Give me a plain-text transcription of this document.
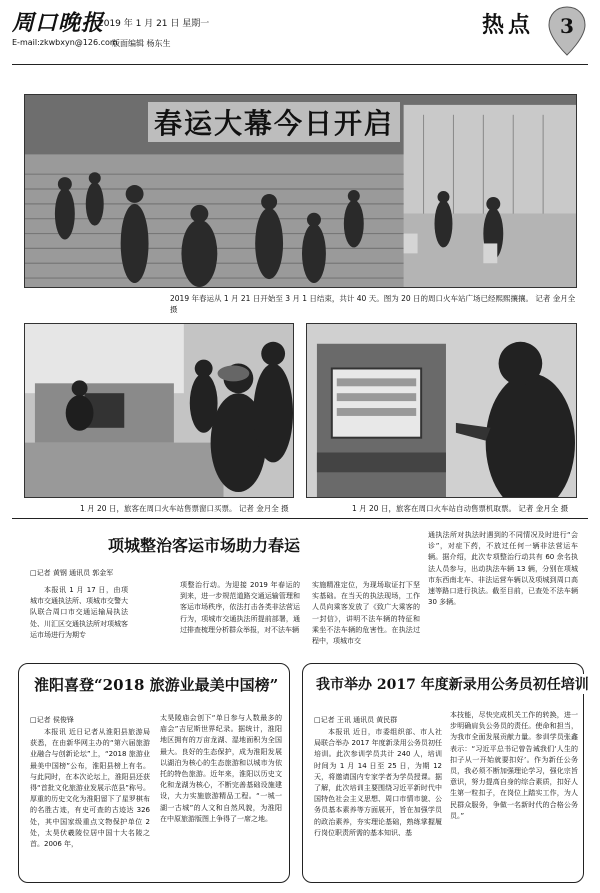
周口晚报
2019 年 1 月 21 日 星期一
E-mail:zkwbxyn@126.com
版面编辑 杨东生
热点 3
春运大幕今日开启
2019 年春运从 1 月 21 日开始至 3 月 1 日结束，共计 40 天。图为 20 日的周口火车站广场已经熙熙攘攘。 记者 金月全 摄
1 月 20 日，旅客在周口火车站售票窗口买票。 记者 金月全 摄	1 月 20 日，旅客在周口火车站自动售票机取票。 记者 金月全 摄
项城整治客运市场助力春运
□记者 黄钢 通讯员 郭金军
本报讯 1 月 17 日，由项城市交通执法所、项城市交警大队联合周口市交通运输局执法处、川汇区交通执法所对项城客运市场进行为期专
项整治行动。为迎接 2019 年春运的到来，进一步规范道路交通运输管理和客运市场秩序，依法打击各类非法营运行为，项城市交通执法所提前部署，通过排查梳理分析群众举报，对不法车辆
实施精准定位，为现场取证打下坚实基础。在当天的执法现场，工作人员向乘客发放了《致广大乘客的一封信》，讲明不法车辆的特征和乘坐不法车辆的危害性。在执法过程中，项城市交
通执法所对执法时遇到的不同情况及时进行“会诊”，对症下药，不放过任何一辆非法营运车辆。据介绍，此次专项整治行动共有 60 余名执法人员参与，出动执法车辆 13 辆，分别在项城市东西南北车、非法运营车辆以及项城到周口高速等路口进行执法。截至目前，已查处不法车辆 30 多辆。
淮阳喜登“2018 旅游业最美中国榜”
□记者 侯俊锋
本报讯 近日记者从淮阳县旅游局获悉，在由新华网主办的“第六届旅游业融合与创新论坛”上，“2018 旅游业最美中国榜”公布，淮阳县榜上有名。与此同时，在本次论坛上，淮阳县还获得“首批文化旅游业发展示范县”称号。厚重的历史文化为淮阳留下了星罗棋布的名胜古迹，有史可查的古迹达 326 处，其中国家级重点文物保护单位 2 处，太昊伏羲陵位居中国十大名陵之首。2006 年，
太昊陵庙会创下“单日参与人数最多的庙会”吉尼斯世界纪录。据统计，淮阳地区拥有的万亩龙湖、湿地面积为全国最大。良好的生态保护，成为淮阳发展以湖泊为核心的生态旅游和以城市为依托的特色旅游。近年来，淮阳以历史文化和龙湖为核心，不断完善基础设施建设，大力实施旅游精品工程。“一城一湖一古城”的人文和自然风貌，为淮阳在中原旅游版图上争得了一席之地。
我市举办 2017 年度新录用公务员初任培训
□记者 王讯 通讯员 黄民群
本报讯 近日，市委组织部、市人社局联合举办 2017 年度新录用公务员初任培训。此次参训学员共计 240 人，培训时间为 1 月 14 日至 25 日，为期 12 天，将邀请国内专家学者为学员授课。据了解，此次培训主要围绕习近平新时代中国特色社会主义思想、周口市情市貌、公务员基本素养等方面展开，旨在加强学员的政治素养，夯实理论基础，熟练掌握履行岗位职责所需的基本知识、基
本技能，尽快完成机关工作的转换，进一步明确肩负公务员的责任。使命和担当，为我市全面发展贡献力量。参训学员张鑫表示：“习近平总书记曾告诫我们‘人生的扣子从一开始就要扣好’。作为新任公务员，我必须不断加强理论学习，强化宗旨意识，努力提高自身的综合素质，扣好人生第一粒扣子，在岗位上踏实工作，为人民群众服务，争做一名新时代的合格公务员。”
